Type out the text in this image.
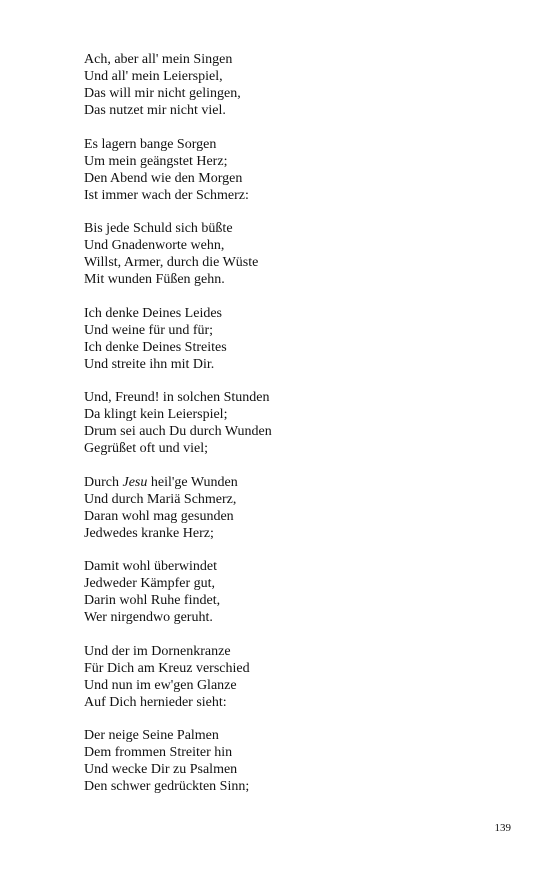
Ach, aber all' mein Singen
Und all' mein Leierspiel,
Das will mir nicht gelingen,
Das nutzet mir nicht viel.
Es lagern bange Sorgen
Um mein geängstet Herz;
Den Abend wie den Morgen
Ist immer wach der Schmerz:
Bis jede Schuld sich büßte
Und Gnadenworte wehn,
Willst, Armer, durch die Wüste
Mit wunden Füßen gehn.
Ich denke Deines Leides
Und weine für und für;
Ich denke Deines Streites
Und streite ihn mit Dir.
Und, Freund! in solchen Stunden
Da klingt kein Leierspiel;
Drum sei auch Du durch Wunden
Gegrüßet oft und viel;
Durch Jesu heil'ge Wunden
Und durch Mariä Schmerz,
Daran wohl mag gesunden
Jedwedes kranke Herz;
Damit wohl überwindet
Jedweder Kämpfer gut,
Darin wohl Ruhe findet,
Wer nirgendwo geruht.
Und der im Dornenkranze
Für Dich am Kreuz verschied
Und nun im ew'gen Glanze
Auf Dich hernieder sieht:
Der neige Seine Palmen
Dem frommen Streiter hin
Und wecke Dir zu Psalmen
Den schwer gedrückten Sinn;
139
